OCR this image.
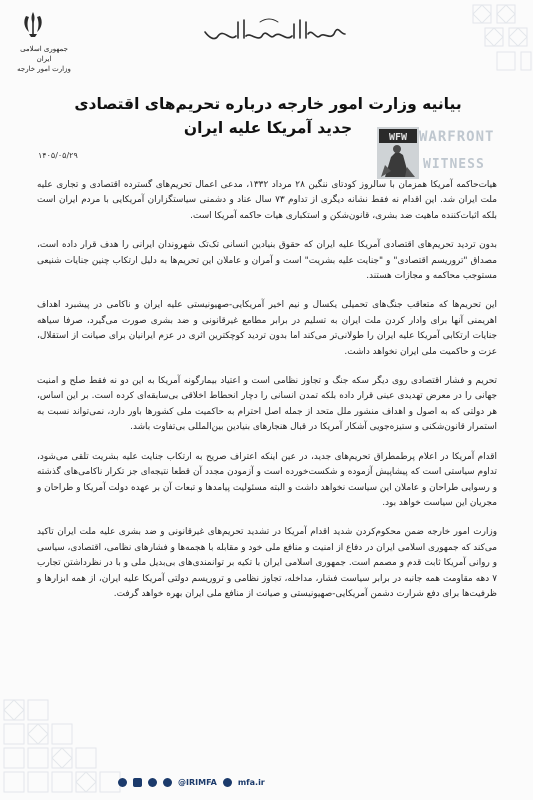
جمهوری اسلامی ایران
وزارت امور خارجه
بیانیه وزارت امور خارجه درباره تحریم‌های اقتصادی جدید آمریکا علیه ایران
۱۴۰۵/۰۵/۲۹
WFW WARFRONT
WITNESS

هیات‌حاکمه آمریکا همزمان با سالروز کودتای ننگین ۲۸ مرداد ۱۳۳۲، مدعی اعمال تحریم‌های گسترده اقتصادی و تجاری علیه ملت ایران شد. این اقدام نه فقط نشانه دیگری از تداوم ۷۳ سال عناد و دشمنی سیاستگزاران آمریکایی با مردم ایران است بلکه اثبات‌کننده ماهیت ضد بشری، قانون‌شکن و استکباری هیات حاکمه آمریکا است.

بدون تردید تحریم‌های اقتصادی آمریکا علیه ایران که حقوق بنیادین انسانی تک‌تک شهروندان ایرانی را هدف قرار داده است، مصداق "تروریسم اقتصادی" و "جنایت علیه بشریت" است و آمران و عاملان این تحریم‌ها به دلیل ارتکاب چنین جنایات شنیعی مستوجب محاکمه و مجازات هستند.

این تحریم‌ها که متعاقب جنگ‌های تحمیلی یکسال و نیم اخیر آمریکایی-صهیونیستی علیه ایران و ناکامی در پیشبرد اهداف اهریمنی آنها برای وادار کردن ملت ایران به تسلیم در برابر مطامع غیرقانونی و ضد بشری صورت می‌گیرد، صرفا سیاهه جنایات ارتکابی آمریکا علیه ایران را طولانی‌تر می‌کند اما بدون تردید کوچکترین اثری در عزم ایرانیان برای صیانت از استقلال، عزت و حاکمیت ملی ایران نخواهد داشت.

تحریم و فشار اقتصادی روی دیگر سکه جنگ و تجاوز نظامی است و اعتیاد بیمارگونه آمریکا به این دو نه فقط صلح و امنیت جهانی را در معرض تهدیدی عینی قرار داده بلکه تمدن انسانی را دچار انحطاط اخلاقی بی‌سابقه‌ای کرده است. بر این اساس، هر دولتی که به اصول و اهداف منشور ملل متحد از جمله اصل احترام به حاکمیت ملی کشورها باور دارد، نمی‌تواند نسبت به استمرار قانون‌شکنی و ستیزه‌جویی آشکار آمریکا در قبال هنجارهای بنیادین بین‌المللی بی‌تفاوت باشد.

اقدام آمریکا در اعلام پرطمطراق تحریم‌های جدید، در عین اینکه اعتراف صریح به ارتکاب جنایت علیه بشریت تلقی می‌شود، تداوم سیاستی است که پیشاپیش آزموده و شکست‌خورده است و آزمودن مجدد آن قطعا نتیجه‌ای جز تکرار ناکامی‌های گذشته و رسوایی طراحان و عاملان این سیاست نخواهد داشت و البته مسئولیت پیامدها و تبعات آن بر عهده دولت آمریکا و طراحان و مجریان این سیاست خواهد بود.

وزارت امور خارجه ضمن محکوم‌کردن شدید اقدام آمریکا در تشدید تحریم‌های غیرقانونی و ضد بشری علیه ملت ایران تاکید می‌کند که جمهوری اسلامی ایران در دفاع از امنیت و منافع ملی خود و مقابله با هجمه‌ها و فشارهای نظامی، اقتصادی، سیاسی و روانی آمریکا ثابت قدم و مصمم است. جمهوری اسلامی ایران با تکیه بر توانمندی‌های بی‌بدیل ملی و با در نظرداشتن تجارب ۷ دهه مقاومت همه جانبه در برابر سیاست فشار، مداخله، تجاوز نظامی و تروریسم دولتی آمریکا علیه ایران، از همه ابزارها و ظرفیت‌ها برای دفع شرارت دشمن آمریکایی-صهیونیستی و صیانت از منافع ملی ایران بهره خواهد گرفت.

@IRIMFA	mfa.ir
